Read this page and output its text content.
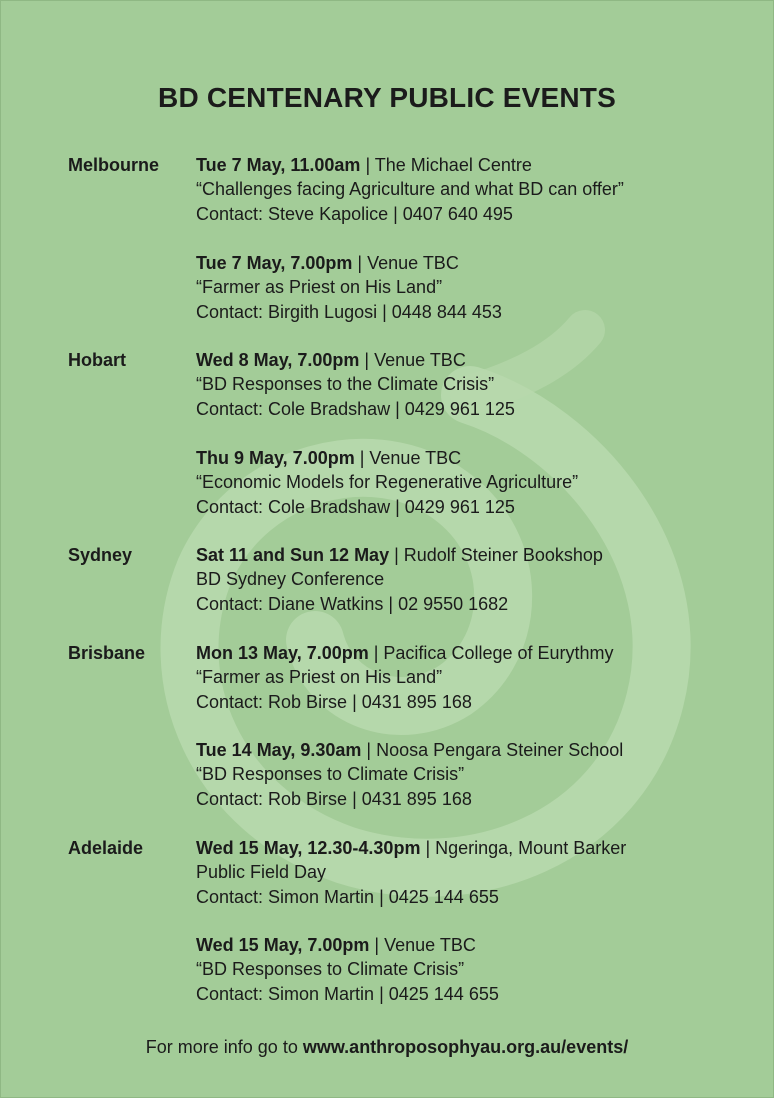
BD CENTENARY PUBLIC EVENTS
Melbourne
Hobart
Sydney
Brisbane
Adelaide
Tue 7 May, 11.00am | The Michael Centre
“Challenges facing Agriculture and what BD can offer”
Contact: Steve Kapolice | 0407 640 495
Tue 7 May, 7.00pm | Venue TBC
“Farmer as Priest on His Land”
Contact: Birgith Lugosi | 0448 844 453
Wed 8 May, 7.00pm | Venue TBC
“BD Responses to the Climate Crisis”
Contact: Cole Bradshaw | 0429 961 125
Thu 9 May, 7.00pm | Venue TBC
“Economic Models for Regenerative Agriculture”
Contact: Cole Bradshaw | 0429 961 125
Sat 11 and Sun 12 May | Rudolf Steiner Bookshop
BD Sydney Conference
Contact: Diane Watkins | 02 9550 1682
Mon 13 May, 7.00pm | Pacifica College of Eurythmy
“Farmer as Priest on His Land”
Contact: Rob Birse | 0431 895 168
Tue 14 May, 9.30am | Noosa Pengara Steiner School
“BD Responses to Climate Crisis”
Contact: Rob Birse | 0431 895 168
Wed 15 May, 12.30-4.30pm | Ngeringa, Mount Barker
Public Field Day
Contact: Simon Martin | 0425 144 655
Wed 15 May, 7.00pm | Venue TBC
“BD Responses to Climate Crisis”
Contact: Simon Martin | 0425 144 655
For more info go to www.anthroposophyau.org.au/events/
